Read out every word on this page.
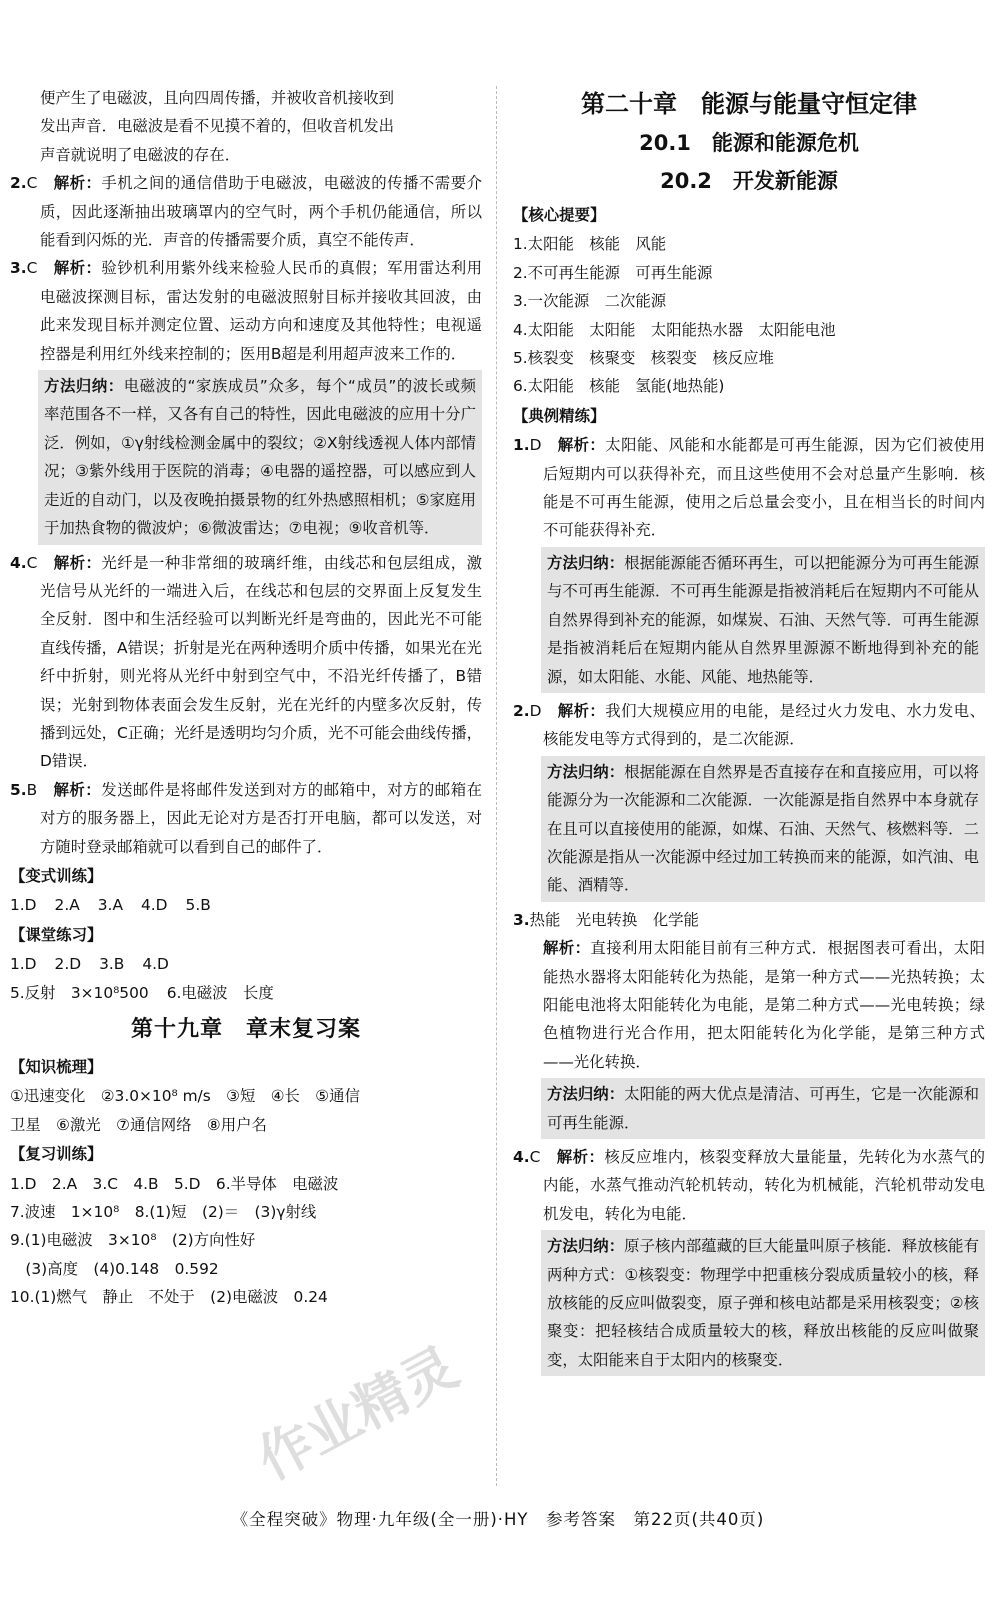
便产生了电磁波，且向四周传播，并被收音机接收到

发出声音．电磁波是看不见摸不着的，但收音机发出

声音就说明了电磁波的存在．

2.C　 解析：手机之间的通信借助于电磁波，电磁波的传播不需要介质，因此逐渐抽出玻璃罩内的空气时，两个手机仍能通信，所以能看到闪烁的光．声音的传播需要介质，真空不能传声．

3.C　 解析：验钞机利用紫外线来检验人民币的真假；军用雷达利用电磁波探测目标，雷达发射的电磁波照射目标并接收其回波，由此来发现目标并测定位置、运动方向和速度及其他特性；电视遥控器是利用红外线来控制的；医用B超是利用超声波来工作的．

方法归纳：电磁波的“家族成员”众多，每个“成员”的波长或频率范围各不一样，又各有自己的特性，因此电磁波的应用十分广泛．例如，①γ射线检测金属中的裂纹；②X射线透视人体内部情况；③紫外线用于医院的消毒；④电器的遥控器，可以感应到人走近的自动门，以及夜晚拍摄景物的红外热感照相机；⑤家庭用于加热食物的微波炉；⑥微波雷达；⑦电视；⑨收音机等．

4.C　 解析：光纤是一种非常细的玻璃纤维，由线芯和包层组成，激光信号从光纤的一端进入后，在线芯和包层的交界面上反复发生全反射．图中和生活经验可以判断光纤是弯曲的，因此光不可能直线传播，A错误；折射是光在两种透明介质中传播，如果光在光纤中折射，则光将从光纤中射到空气中，不沿光纤传播了，B错误；光射到物体表面会发生反射，光在光纤的内壁多次反射，传播到远处，C正确；光纤是透明均匀介质，光不可能会曲线传播，D错误．

5.B　 解析：发送邮件是将邮件发送到对方的邮箱中，对方的邮箱在对方的服务器上，因此无论对方是否打开电脑，都可以发送，对方随时登录邮箱就可以看到自己的邮件了．

【变式训练】

1.D 2.A 3.A 4.D 5.B

【课堂练习】

1.D 2.D 3.B 4.D

5.反射　3×10⁸500 6.电磁波　长度

第十九章　章末复习案

【知识梳理】

①迅速变化　②3.0×10⁸ m/s　③短　④长　⑤通信

卫星　⑥激光　⑦通信网络　⑧用户名

【复习训练】

1.D　2.A　3.C　4.B　5.D　6.半导体　电磁波

7.波速　1×10⁸　8.(1)短　(2)＝　(3)γ射线

9.(1)电磁波　3×10⁸　(2)方向性好

　(3)高度　(4)0.148　0.592

10.(1)燃气　静止　不处于　(2)电磁波　0.24

第二十章　能源与能量守恒定律

20.1　能源和能源危机

20.2　开发新能源

【核心提要】

1.太阳能　核能　风能

2.不可再生能源　可再生能源

3.一次能源　二次能源

4.太阳能　太阳能　太阳能热水器　太阳能电池

5.核裂变　核聚变　核裂变　核反应堆

6.太阳能　核能　氢能(地热能)

【典例精练】

1.D　 解析：太阳能、风能和水能都是可再生能源，因为它们被使用后短期内可以获得补充，而且这些使用不会对总量产生影响．核能是不可再生能源，使用之后总量会变小，且在相当长的时间内不可能获得补充．

方法归纳：根据能源能否循环再生，可以把能源分为可再生能源与不可再生能源．不可再生能源是指被消耗后在短期内不可能从自然界得到补充的能源，如煤炭、石油、天然气等．可再生能源是指被消耗后在短期内能从自然界里源源不断地得到补充的能源，如太阳能、水能、风能、地热能等．

2.D　 解析：我们大规模应用的电能，是经过火力发电、水力发电、核能发电等方式得到的，是二次能源．

方法归纳：根据能源在自然界是否直接存在和直接应用，可以将能源分为一次能源和二次能源．一次能源是指自然界中本身就存在且可以直接使用的能源，如煤、石油、天然气、核燃料等．二次能源是指从一次能源中经过加工转换而来的能源，如汽油、电能、酒精等．

3.热能　光电转换　化学能

解析：直接利用太阳能目前有三种方式．根据图表可看出，太阳能热水器将太阳能转化为热能，是第一种方式——光热转换；太阳能电池将太阳能转化为电能，是第二种方式——光电转换；绿色植物进行光合作用，把太阳能转化为化学能，是第三种方式——光化转换．

方法归纳：太阳能的两大优点是清洁、可再生，它是一次能源和可再生能源．

4.C　 解析：核反应堆内，核裂变释放大量能量，先转化为水蒸气的内能，水蒸气推动汽轮机转动，转化为机械能，汽轮机带动发电机发电，转化为电能．

方法归纳：原子核内部蕴藏的巨大能量叫原子核能．释放核能有两种方式：①核裂变：物理学中把重核分裂成质量较小的核，释放核能的反应叫做裂变，原子弹和核电站都是采用核裂变；②核聚变：把轻核结合成质量较大的核，释放出核能的反应叫做聚变，太阳能来自于太阳内的核聚变．
作业精灵
《全程突破》物理·九年级(全一册)·HY　参考答案　第22页(共40页)
